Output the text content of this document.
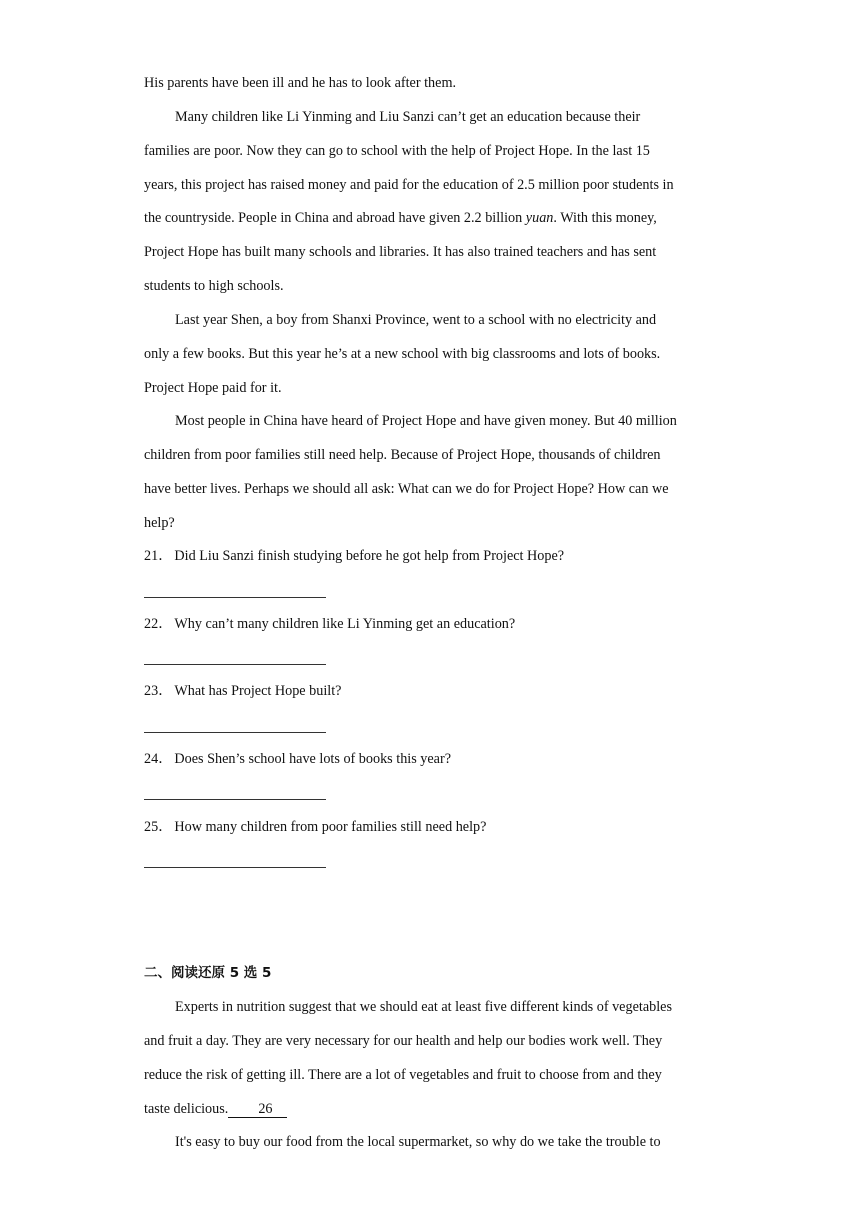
His parents have been ill and he has to look after them.
Many children like Li Yinming and Liu Sanzi can’t get an education because their
families are poor. Now they can go to school with the help of Project Hope. In the last 15
years, this project has raised money and paid for the education of 2.5 million poor students in
the countryside. People in China and abroad have given 2.2 billion yuan. With this money,
Project Hope has built many schools and libraries. It has also trained teachers and has sent
students to high schools.
Last year Shen, a boy from Shanxi Province, went to a school with no electricity and
only a few books. But this year he’s at a new school with big classrooms and lots of books.
Project Hope paid for it.
Most people in China have heard of Project Hope and have given money. But 40 million
children from poor families still need help. Because of Project Hope, thousands of children
have better lives. Perhaps we should all ask: What can we do for Project Hope? How can we
help?
21． Did Liu Sanzi finish studying before he got help from Project Hope?
22． Why can’t many children like Li Yinming get an education?
23． What has Project Hope built?
24． Does Shen’s school have lots of books this year?
25． How many children from poor families still need help?
二、阅读还原 5 选 5
Experts in nutrition suggest that we should eat at least five different kinds of vegetables
and fruit a day. They are very necessary for our health and help our bodies work well. They
reduce the risk of getting ill. There are a lot of vegetables and fruit to choose from and they
taste delicious. 26
It's easy to buy our food from the local supermarket, so why do we take the trouble to
